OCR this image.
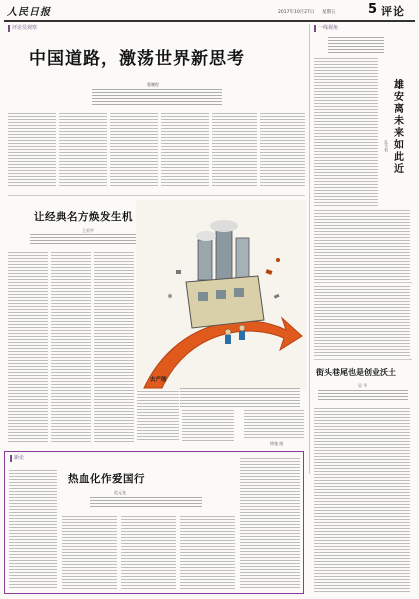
人民日报	2017年10月27日 星期五	5 评论
评论员观察
中国道路，激荡世界新思考
曹鹏程
一线视角
雄安离未来如此近
孔令君
街头巷尾也是创业沃土
吴 平
让经典名方焕发生机
王君平
去产能
徐骏 画
新论
热血化作爱国行
范元龙
